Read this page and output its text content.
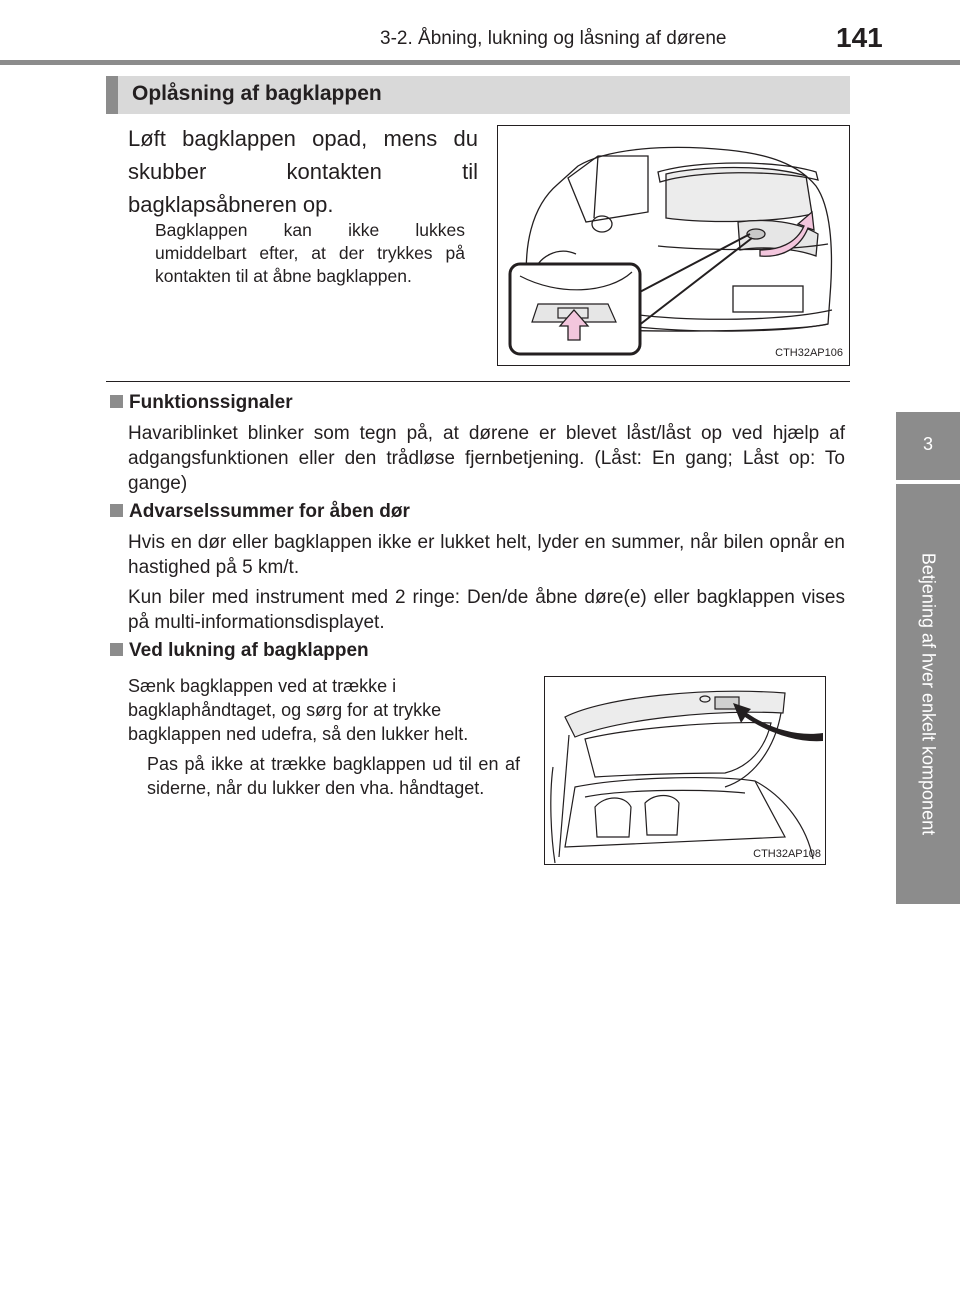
3-2. Åbning, lukning og låsning af dørene	141
3
Betjening af hver enkelt komponent
Oplåsning af bagklappen
Løft bagklappen opad, mens du skubber kontakten til bagklapsåbneren op.
Bagklappen kan ikke lukkes umiddelbart efter, at der trykkes på kontakten til at åbne bagklappen.
CTH32AP106
Funktionssignaler
Havariblinket blinker som tegn på, at dørene er blevet låst/låst op ved hjælp af adgangsfunktionen eller den trådløse fjernbetjening. (Låst: En gang; Låst op: To gange)
Advarselssummer for åben dør
Hvis en dør eller bagklappen ikke er lukket helt, lyder en summer, når bilen opnår en hastighed på 5 km/t.
Kun biler med instrument med 2 ringe: Den/de åbne døre(e) eller bagklappen vises på multi-informationsdisplayet.
Ved lukning af bagklappen
Sænk bagklappen ved at trække i bagklaphåndtaget, og sørg for at trykke bagklappen ned udefra, så den lukker helt.
Pas på ikke at trække bagklappen ud til en af siderne, når du lukker den vha. håndtaget.
CTH32AP108
